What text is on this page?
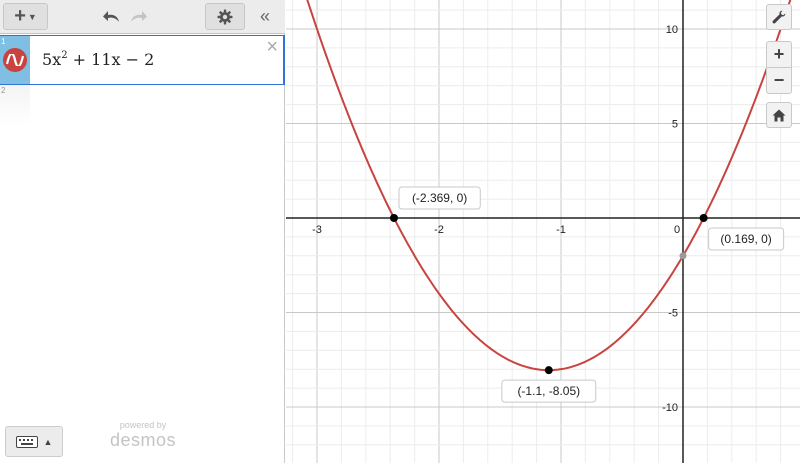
+ ▼	«
1
$5x^2 + 11x - 2$
×
2
▲
powered by
desmos
-3	-2	-1	0
10
5
-5
-10
(-2.369, 0)
(0.169, 0)
(-1.1, -8.05)
+
−
